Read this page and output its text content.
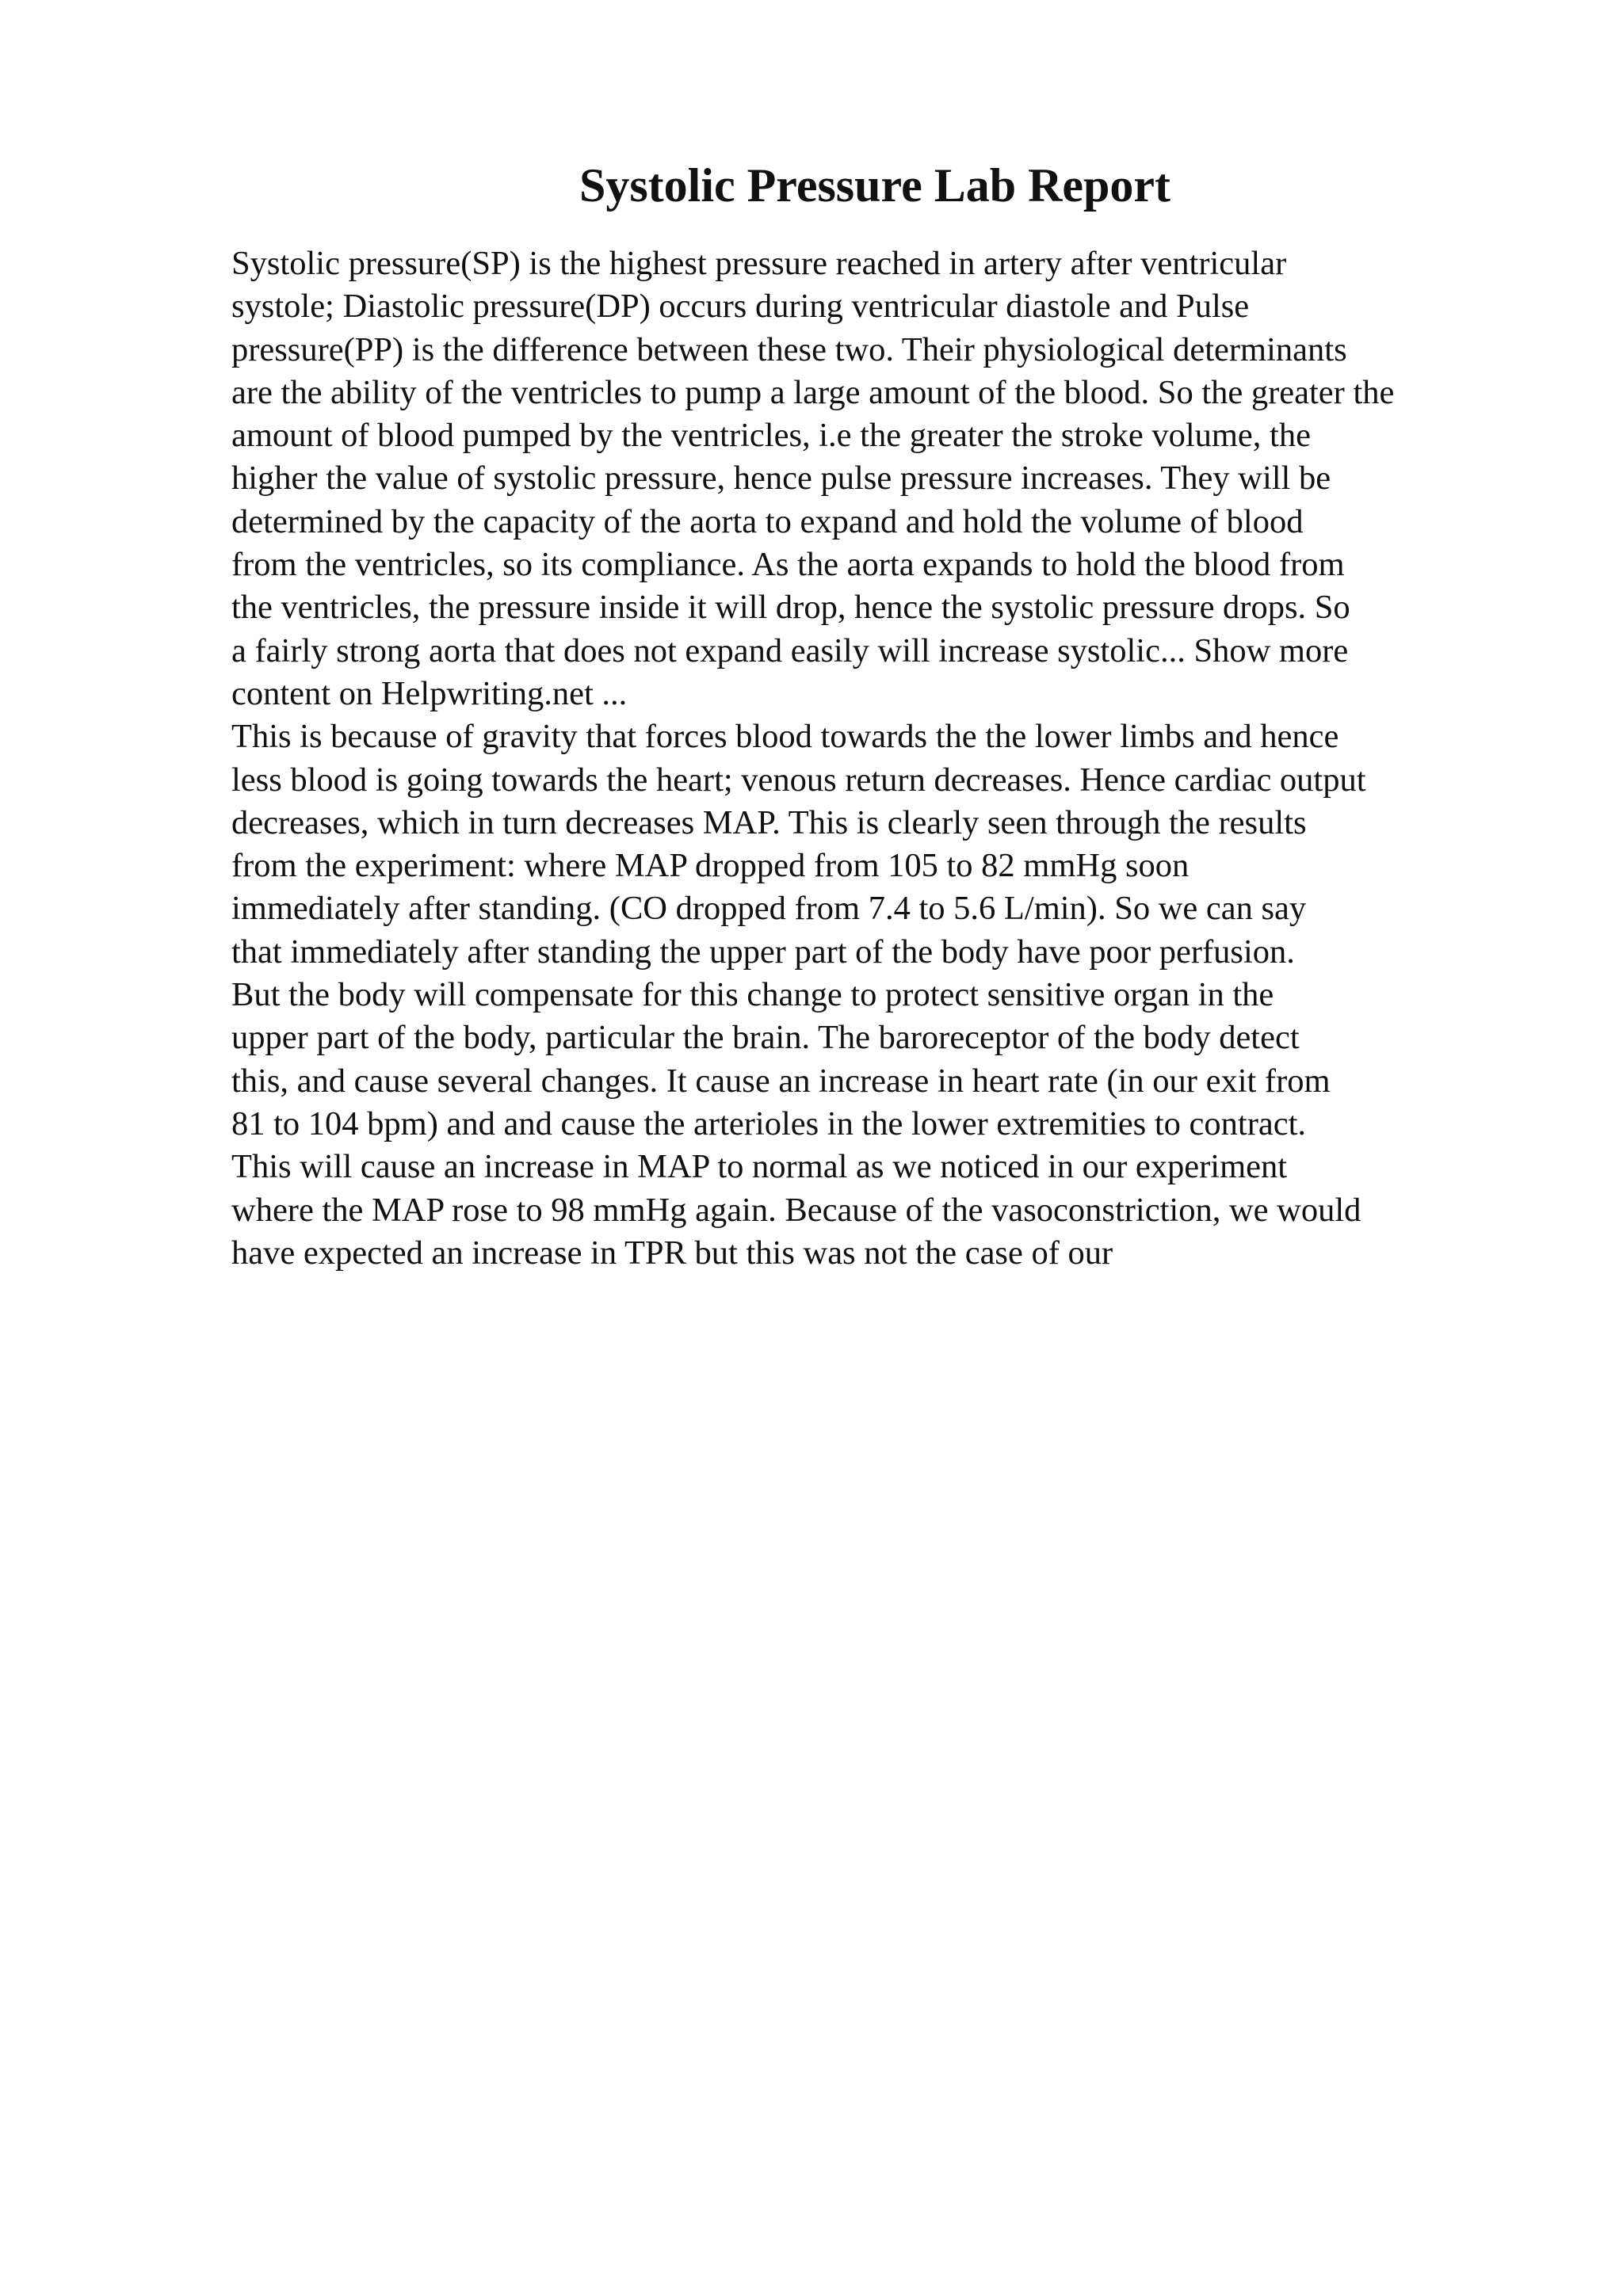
Systolic Pressure Lab Report
Systolic pressure(SP) is the highest pressure reached in artery after ventricular
systole; Diastolic pressure(DP) occurs during ventricular diastole and Pulse
pressure(PP) is the difference between these two. Their physiological determinants
are the ability of the ventricles to pump a large amount of the blood. So the greater the
amount of blood pumped by the ventricles, i.e the greater the stroke volume, the
higher the value of systolic pressure, hence pulse pressure increases. They will be
determined by the capacity of the aorta to expand and hold the volume of blood
from the ventricles, so its compliance. As the aorta expands to hold the blood from
the ventricles, the pressure inside it will drop, hence the systolic pressure drops. So
a fairly strong aorta that does not expand easily will increase systolic... Show more
content on Helpwriting.net ...
This is because of gravity that forces blood towards the the lower limbs and hence
less blood is going towards the heart; venous return decreases. Hence cardiac output
decreases, which in turn decreases MAP. This is clearly seen through the results
from the experiment: where MAP dropped from 105 to 82 mmHg soon
immediately after standing. (CO dropped from 7.4 to 5.6 L/min). So we can say
that immediately after standing the upper part of the body have poor perfusion.
But the body will compensate for this change to protect sensitive organ in the
upper part of the body, particular the brain. The baroreceptor of the body detect
this, and cause several changes. It cause an increase in heart rate (in our exit from
81 to 104 bpm) and and cause the arterioles in the lower extremities to contract.
This will cause an increase in MAP to normal as we noticed in our experiment
where the MAP rose to 98 mmHg again. Because of the vasoconstriction, we would
have expected an increase in TPR but this was not the case of our
